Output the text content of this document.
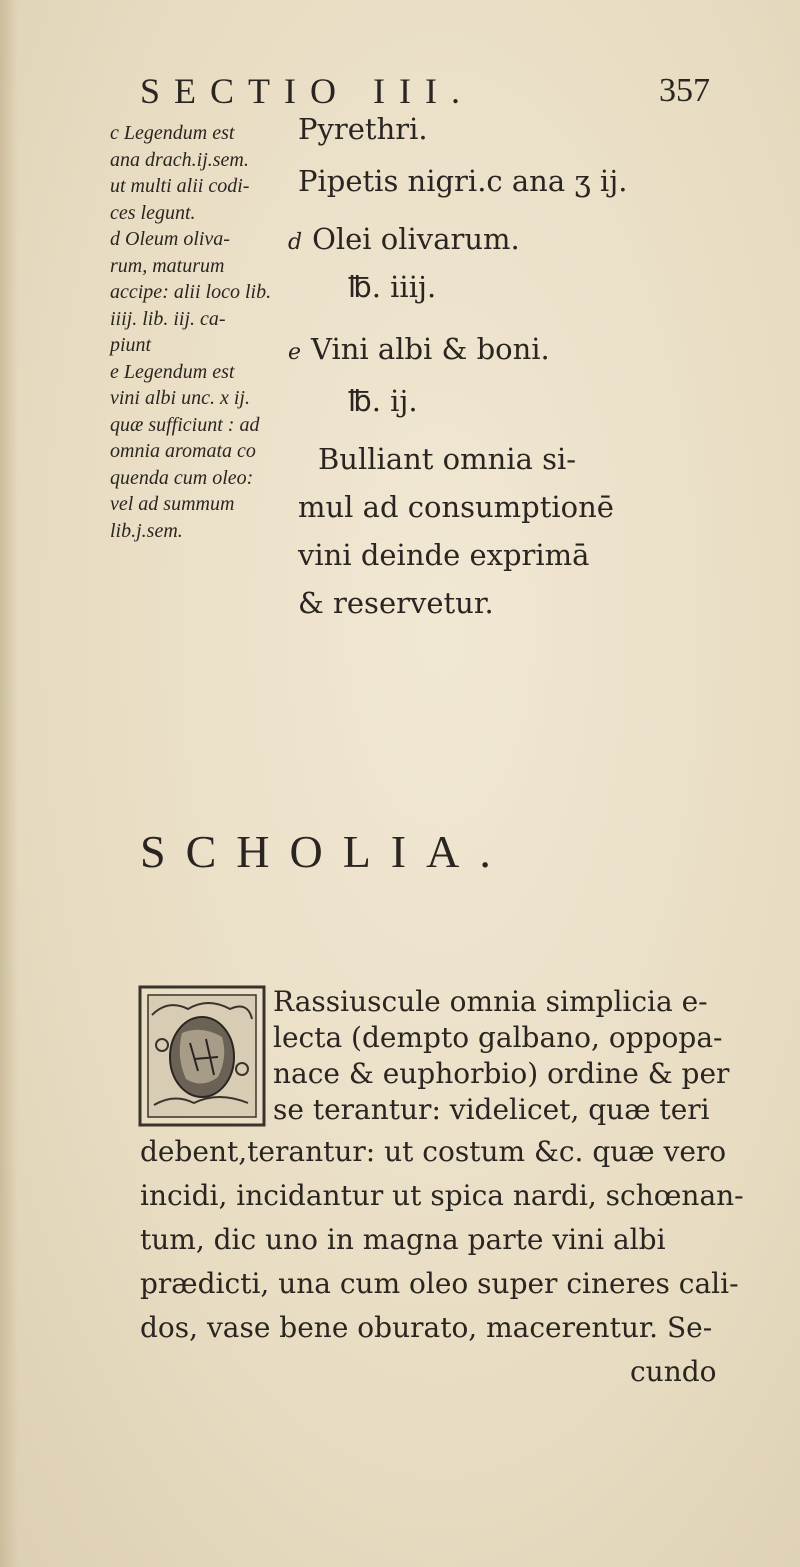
SECTIO III.	357
c Legendum est
ana drach.ij.sem.
ut multi alii codi-
ces legunt.
d Oleum oliva-
rum, maturum
accipe: alii loco lib.
iiij. lib. iij. ca-
piunt
e Legendum est
vini albi unc. x ij.
quæ sufficiunt : ad
omnia aromata co
quenda cum oleo:
vel ad summum
lib.j.sem.
Pyrethri.
Pipetis nigri.c ana ʒ ij.
d Olei olivarum.
℔. iiij.
e Vini albi & boni.
℔. ij.
Bulliant omnia si-
mul ad consumptionē
vini deinde exprimā
& reservetur.
SCHOLIA.
Rassiuscule omnia simplicia e-
lecta (dempto galbano, oppopa-
nace & euphorbio) ordine & per
se terantur: videlicet, quæ teri
debent,terantur: ut costum &c. quæ vero
incidi, incidantur ut spica nardi, schœnan-
tum, dic uno in magna parte vini albi
prædicti, una cum oleo super cineres cali-
dos, vase bene oburato, macerentur. Se-
cundo
